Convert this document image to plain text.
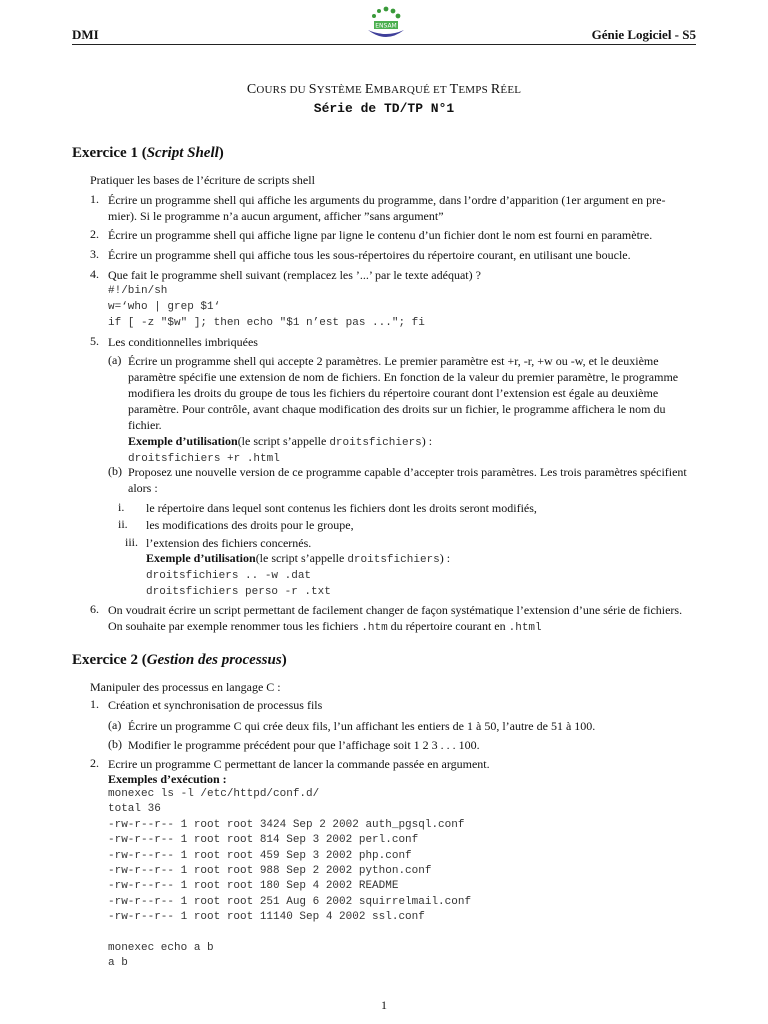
DMI
ENSAM
Génie Logiciel - S5
COURS DU SYSTÈME EMBARQUÉ ET TEMPS RÉEL
Série de TD/TP N°1
Exercice 1 (Script Shell)
Pratiquer les bases de l’écriture de scripts shell
1. Écrire un programme shell qui affiche les arguments du programme, dans l’ordre d’apparition (1er argument en pre-
mier). Si le programme n’a aucun argument, afficher ”sans argument”
2. Écrire un programme shell qui affiche ligne par ligne le contenu d’un fichier dont le nom est fourni en paramètre.
3. Écrire un programme shell qui affiche tous les sous-répertoires du répertoire courant, en utilisant une boucle.
4. Que fait le programme shell suivant (remplacez les ’...’ par le texte adéquat) ?
#!/bin/sh
w=‘who | grep $1‘
if [ -z "$w" ]; then echo "$1 n’est pas ..."; fi
5. Les conditionnelles imbriquées
(a) Écrire un programme shell qui accepte 2 paramètres. Le premier paramètre est +r, -r, +w ou -w, et le deuxième
paramètre spécifie une extension de nom de fichiers. En fonction de la valeur du premier paramètre, le programme
modifiera les droits du groupe de tous les fichiers du répertoire courant dont l’extension est égale au deuxième
paramètre. Pour contrôle, avant chaque modification des droits sur un fichier, le programme affichera le nom du
fichier.
Exemple d’utilisation(le script s’appelle droitsfichiers) :
droitsfichiers +r .html
(b) Proposez une nouvelle version de ce programme capable d’accepter trois paramètres. Les trois paramètres spécifient
alors :
i. le répertoire dans lequel sont contenus les fichiers dont les droits seront modifiés,
ii. les modifications des droits pour le groupe,
iii. l’extension des fichiers concernés.
Exemple d’utilisation(le script s’appelle droitsfichiers) :
droitsfichiers .. -w .dat
droitsfichiers perso -r .txt
6. On voudrait écrire un script permettant de facilement changer de façon systématique l’extension d’une série de fichiers.
On souhaite par exemple renommer tous les fichiers .htm du répertoire courant en .html
Exercice 2 (Gestion des processus)
Manipuler des processus en langage C :
1. Création et synchronisation de processus fils
(a) Écrire un programme C qui crée deux fils, l’un affichant les entiers de 1 à 50, l’autre de 51 à 100.
(b) Modifier le programme précédent pour que l’affichage soit 1 2 3 . . . 100.
2. Ecrire un programme C permettant de lancer la commande passée en argument.
Exemples d’exécution :
monexec ls -l /etc/httpd/conf.d/
total 36
-rw-r--r-- 1 root root 3424 Sep 2 2002 auth_pgsql.conf
-rw-r--r-- 1 root root 814 Sep 3 2002 perl.conf
-rw-r--r-- 1 root root 459 Sep 3 2002 php.conf
-rw-r--r-- 1 root root 988 Sep 2 2002 python.conf
-rw-r--r-- 1 root root 180 Sep 4 2002 README
-rw-r--r-- 1 root root 251 Aug 6 2002 squirrelmail.conf
-rw-r--r-- 1 root root 11140 Sep 4 2002 ssl.conf
monexec echo a b
a b
1
